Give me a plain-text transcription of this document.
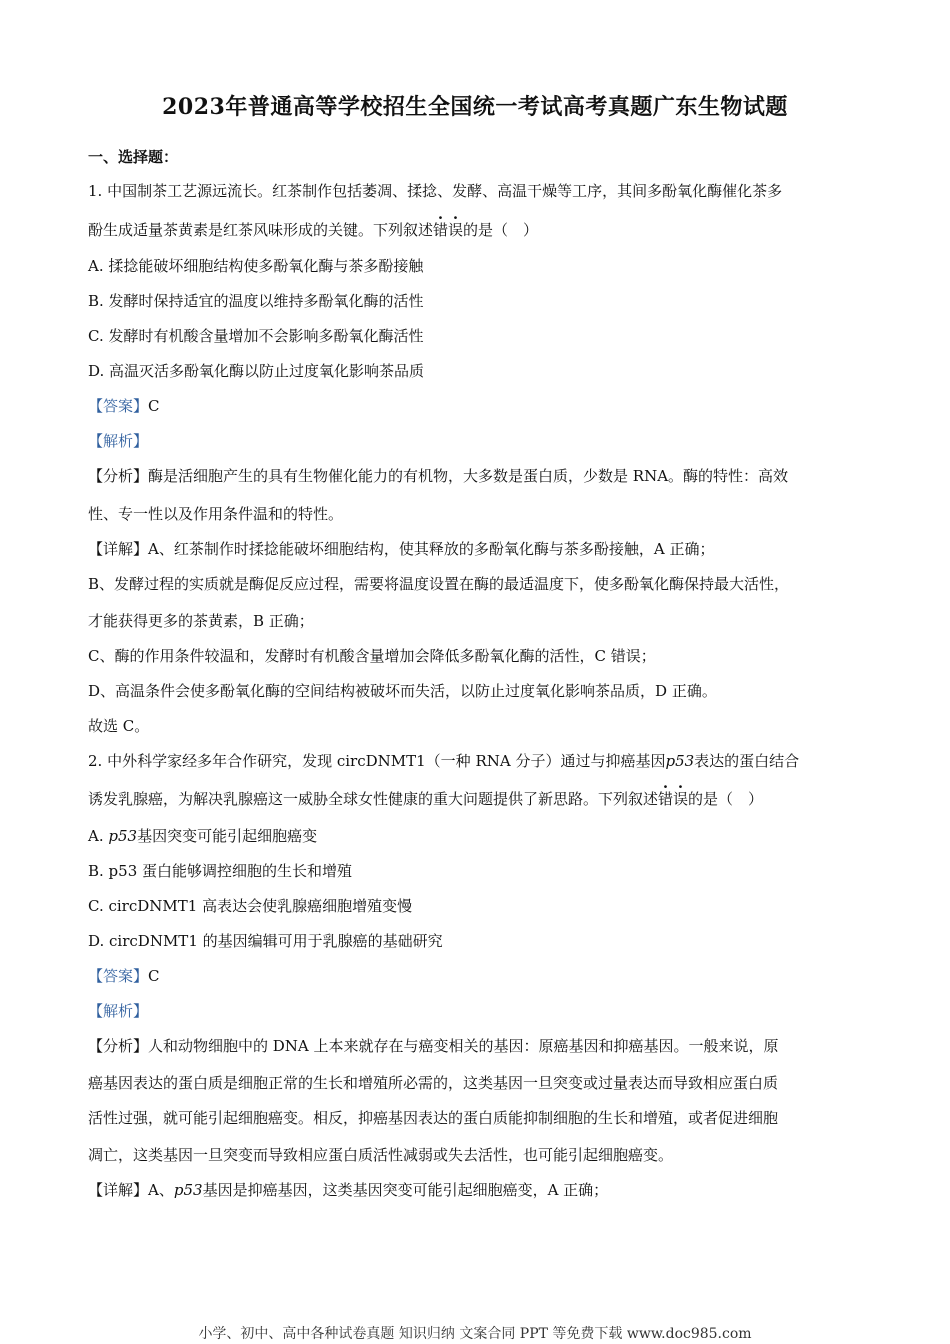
2023年普通高等学校招生全国统一考试高考真题广东生物试题
一、选择题：
1. 中国制茶工艺源远流长。红茶制作包括萎凋、揉捻、发酵、高温干燥等工序，其间多酚氧化酶催化茶多
酚生成适量茶黄素是红茶风味形成的关键。下列叙述错误的是（　）
A. 揉捻能破坏细胞结构使多酚氧化酶与茶多酚接触
B. 发酵时保持适宜的温度以维持多酚氧化酶的活性
C. 发酵时有机酸含量增加不会影响多酚氧化酶活性
D. 高温灭活多酚氧化酶以防止过度氧化影响茶品质
【答案】C
【解析】
【分析】酶是活细胞产生的具有生物催化能力的有机物，大多数是蛋白质，少数是 RNA。酶的特性：高效
性、专一性以及作用条件温和的特性。
【详解】A、红茶制作时揉捻能破坏细胞结构，使其释放的多酚氧化酶与茶多酚接触，A 正确；
B、发酵过程的实质就是酶促反应过程，需要将温度设置在酶的最适温度下，使多酚氧化酶保持最大活性，
才能获得更多的茶黄素，B 正确；
C、酶的作用条件较温和，发酵时有机酸含量增加会降低多酚氧化酶的活性，C 错误；
D、高温条件会使多酚氧化酶的空间结构被破坏而失活，以防止过度氧化影响茶品质，D 正确。
故选 C。
2. 中外科学家经多年合作研究，发现 circDNMT1（一种 RNA 分子）通过与抑癌基因p53表达的蛋白结合
诱发乳腺癌，为解决乳腺癌这一威胁全球女性健康的重大问题提供了新思路。下列叙述错误的是（　）
A. p53基因突变可能引起细胞癌变
B. p53 蛋白能够调控细胞的生长和增殖
C. circDNMT1 高表达会使乳腺癌细胞增殖变慢
D. circDNMT1 的基因编辑可用于乳腺癌的基础研究
【答案】C
【解析】
【分析】人和动物细胞中的 DNA 上本来就存在与癌变相关的基因：原癌基因和抑癌基因。一般来说，原
癌基因表达的蛋白质是细胞正常的生长和增殖所必需的，这类基因一旦突变或过量表达而导致相应蛋白质
活性过强，就可能引起细胞癌变。相反，抑癌基因表达的蛋白质能抑制细胞的生长和增殖，或者促进细胞
凋亡，这类基因一旦突变而导致相应蛋白质活性减弱或失去活性，也可能引起细胞癌变。
【详解】A、p53基因是抑癌基因，这类基因突变可能引起细胞癌变，A 正确；
小学、初中、高中各种试卷真题 知识归纳 文案合同 PPT 等免费下载 www.doc985.com
